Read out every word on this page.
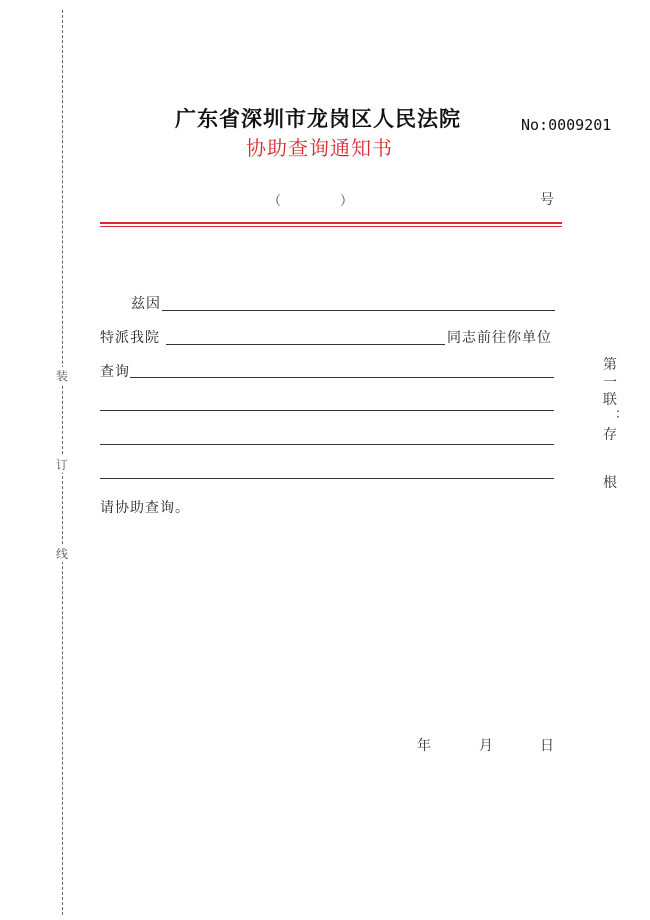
装
订
线
广东省深圳市龙岗区人民法院
协助查询通知书
No:0009201
（	）	号
兹因
特派我院	同志前往你单位
查询
请协助查询。
第
一
联
：
存
根
年	月	日
